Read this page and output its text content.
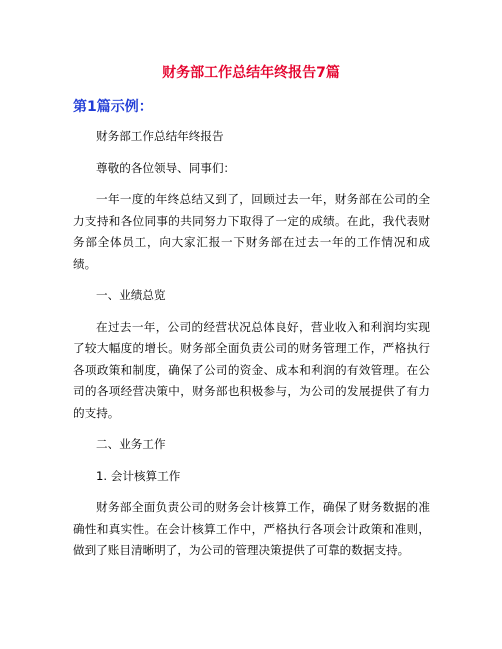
财务部工作总结年终报告7篇
第1篇示例：

财务部工作总结年终报告

尊敬的各位领导、同事们：

一年一度的年终总结又到了，回顾过去一年，财务部在公司的全力支持和各位同事的共同努力下取得了一定的成绩。在此，我代表财务部全体员工，向大家汇报一下财务部在过去一年的工作情况和成绩。

一、业绩总览

在过去一年，公司的经营状况总体良好，营业收入和利润均实现了较大幅度的增长。财务部全面负责公司的财务管理工作，严格执行各项政策和制度，确保了公司的资金、成本和利润的有效管理。在公司的各项经营决策中，财务部也积极参与，为公司的发展提供了有力的支持。

二、业务工作

1. 会计核算工作

财务部全面负责公司的财务会计核算工作，确保了财务数据的准确性和真实性。在会计核算工作中，严格执行各项会计政策和准则，做到了账目清晰明了，为公司的管理决策提供了可靠的数据支持。
